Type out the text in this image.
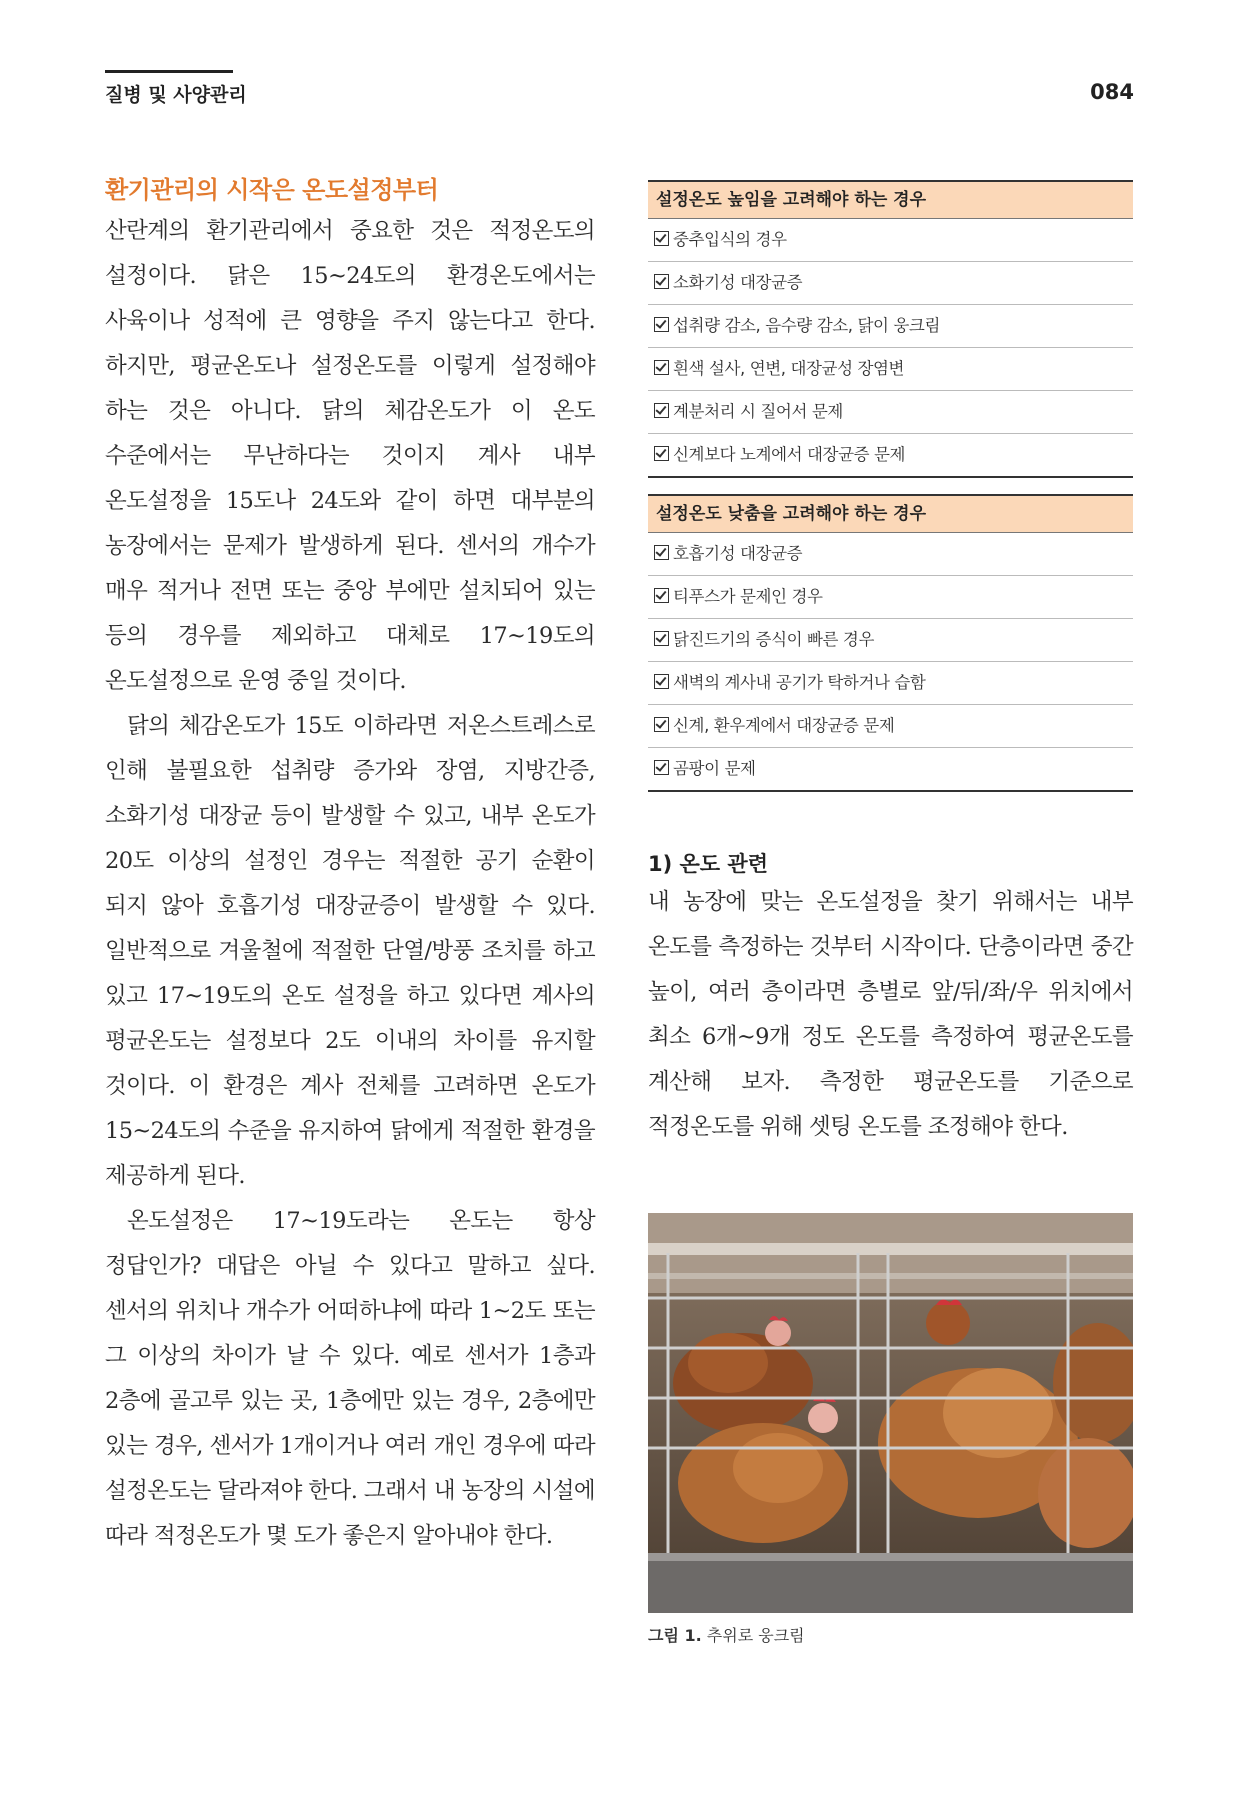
질병 및 사양관리	084
환기관리의 시작은 온도설정부터

산란계의 환기관리에서 중요한 것은 적정온도의 설정이다. 닭은 15~24도의 환경온도에서는 사육이나 성적에 큰 영향을 주지 않는다고 한다. 하지만, 평균온도나 설정온도를 이렇게 설정해야 하는 것은 아니다. 닭의 체감온도가 이 온도 수준에서는 무난하다는 것이지 계사 내부 온도설정을 15도나 24도와 같이 하면 대부분의 농장에서는 문제가 발생하게 된다. 센서의 개수가 매우 적거나 전면 또는 중앙 부에만 설치되어 있는 등의 경우를 제외하고 대체로 17~19도의 온도설정으로 운영 중일 것이다.

닭의 체감온도가 15도 이하라면 저온스트레스로 인해 불필요한 섭취량 증가와 장염, 지방간증, 소화기성 대장균 등이 발생할 수 있고, 내부 온도가 20도 이상의 설정인 경우는 적절한 공기 순환이 되지 않아 호흡기성 대장균증이 발생할 수 있다. 일반적으로 겨울철에 적절한 단열/방풍 조치를 하고 있고 17~19도의 온도 설정을 하고 있다면 계사의 평균온도는 설정보다 2도 이내의 차이를 유지할 것이다. 이 환경은 계사 전체를 고려하면 온도가 15~24도의 수준을 유지하여 닭에게 적절한 환경을 제공하게 된다.

온도설정은 17~19도라는 온도는 항상 정답인가? 대답은 아닐 수 있다고 말하고 싶다. 센서의 위치나 개수가 어떠하냐에 따라 1~2도 또는 그 이상의 차이가 날 수 있다. 예로 센서가 1층과 2층에 골고루 있는 곳, 1층에만 있는 경우, 2층에만 있는 경우, 센서가 1개이거나 여러 개인 경우에 따라 설정온도는 달라져야 한다. 그래서 내 농장의 시설에 따라 적정온도가 몇 도가 좋은지 알아내야 한다.

설정온도 높임을 고려해야 하는 경우
중추입식의 경우
소화기성 대장균증
섭취량 감소, 음수량 감소, 닭이 웅크림
흰색 설사, 연변, 대장균성 장염변
계분처리 시 질어서 문제
신계보다 노계에서 대장균증 문제
설정온도 낮춤을 고려해야 하는 경우
호흡기성 대장균증
티푸스가 문제인 경우
닭진드기의 증식이 빠른 경우
새벽의 계사내 공기가 탁하거나 습함
신계, 환우계에서 대장균증 문제
곰팡이 문제
1) 온도 관련

내 농장에 맞는 온도설정을 찾기 위해서는 내부 온도를 측정하는 것부터 시작이다. 단층이라면 중간 높이, 여러 층이라면 층별로 앞/뒤/좌/우 위치에서 최소 6개~9개 정도 온도를 측정하여 평균온도를 계산해 보자. 측정한 평균온도를 기준으로 적정온도를 위해 셋팅 온도를 조정해야 한다.

그림 1. 추위로 웅크림
